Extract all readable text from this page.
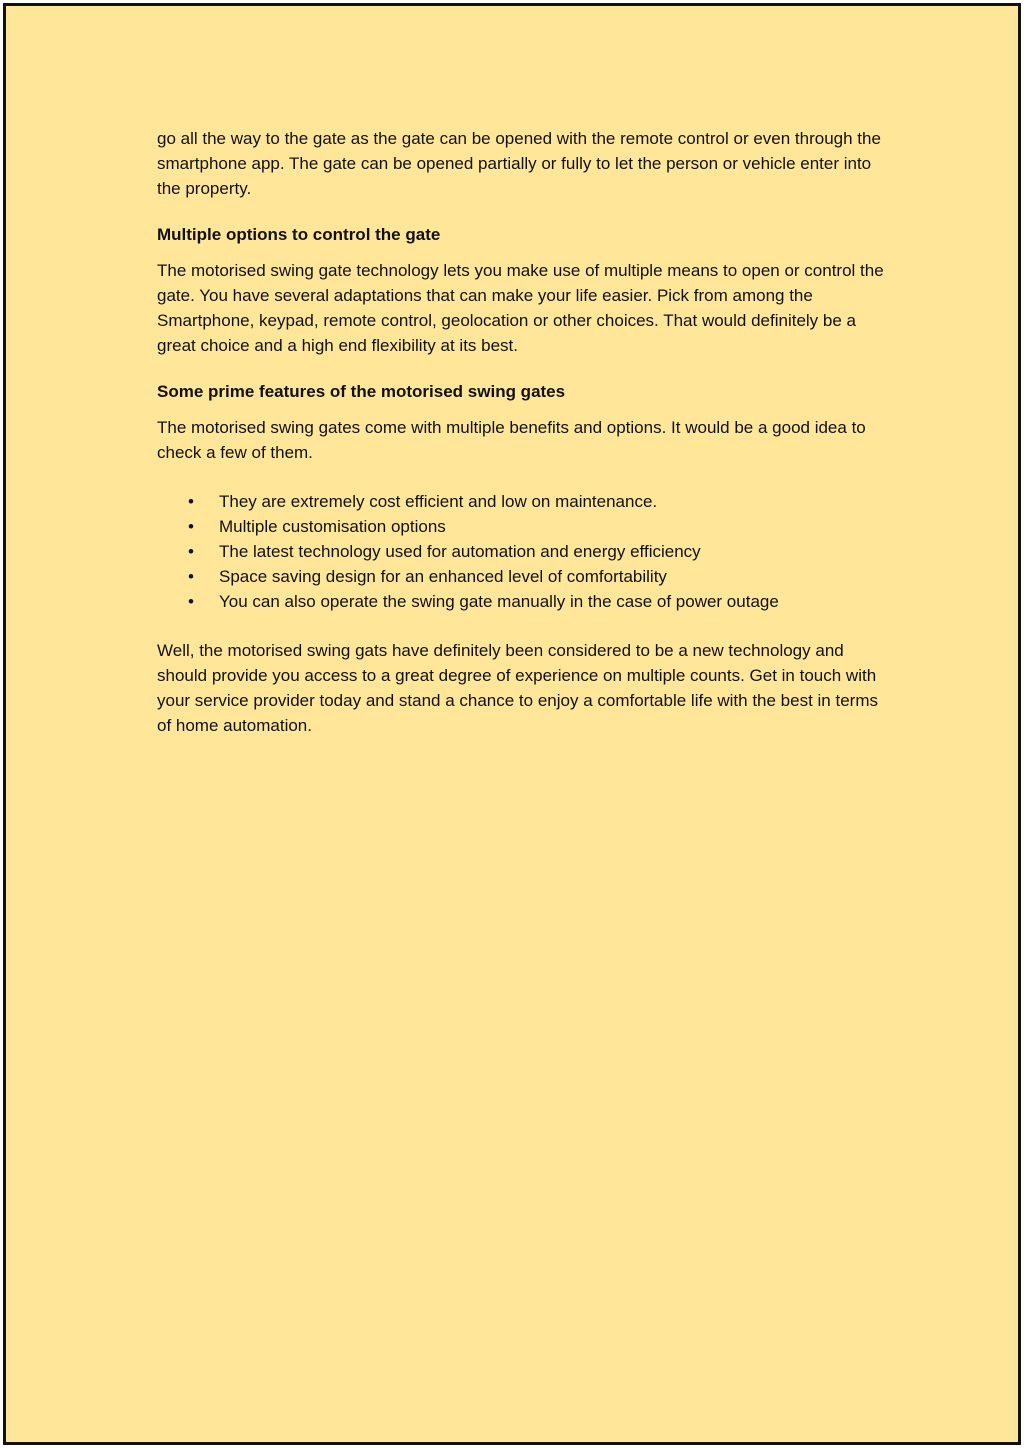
go all the way to the gate as the gate can be opened with the remote control or even through the smartphone app. The gate can be opened partially or fully to let the person or vehicle enter into the property.

Multiple options to control the gate

The motorised swing gate technology lets you make use of multiple means to open or control the gate. You have several adaptations that can make your life easier. Pick from among the Smartphone, keypad, remote control, geolocation or other choices. That would definitely be a great choice and a high end flexibility at its best.

Some prime features of the motorised swing gates

The motorised swing gates come with multiple benefits and options. It would be a good idea to check a few of them.

• They are extremely cost efficient and low on maintenance.
• Multiple customisation options
• The latest technology used for automation and energy efficiency
• Space saving design for an enhanced level of comfortability
• You can also operate the swing gate manually in the case of power outage

Well, the motorised swing gats have definitely been considered to be a new technology and should provide you access to a great degree of experience on multiple counts. Get in touch with your service provider today and stand a chance to enjoy a comfortable life with the best in terms of home automation.
